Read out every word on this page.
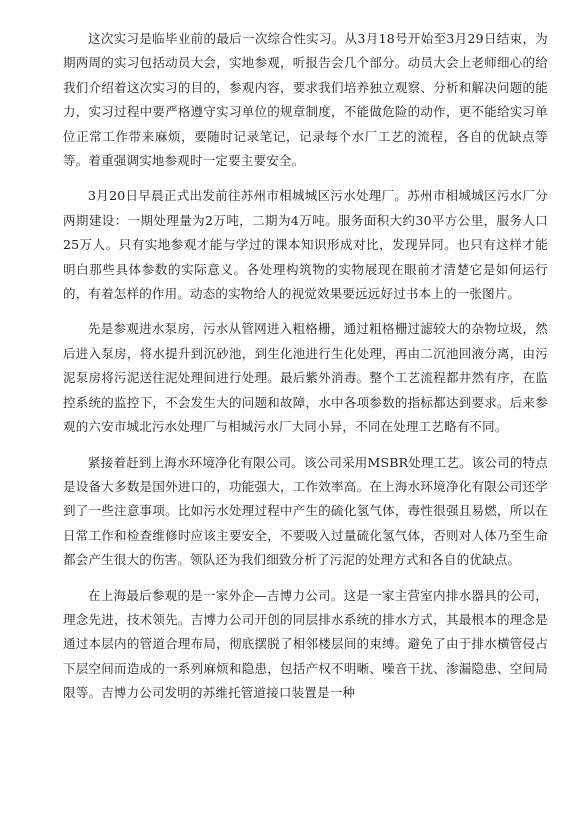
这次实习是临毕业前的最后一次综合性实习。从3月18号开始至3月29日结束，为期两周的实习包括动员大会，实地参观，听报告会几个部分。动员大会上老师细心的给我们介绍着这次实习的目的，参观内容，要求我们培养独立观察、分析和解决问题的能力，实习过程中要严格遵守实习单位的规章制度，不能做危险的动作，更不能给实习单位正常工作带来麻烦，要随时记录笔记，记录每个水厂工艺的流程，各自的优缺点等等。着重强调实地参观时一定要主要安全。

3月20日早晨正式出发前往苏州市相城城区污水处理厂。苏州市相城城区污水厂分两期建设：一期处理量为2万吨，二期为4万吨。服务面积大约30平方公里，服务人口25万人。只有实地参观才能与学过的课本知识形成对比，发现异同。也只有这样才能明白那些具体参数的实际意义。各处理构筑物的实物展现在眼前才清楚它是如何运行的，有着怎样的作用。动态的实物给人的视觉效果要远远好过书本上的一张图片。

先是参观进水泵房，污水从管网进入粗格栅，通过粗格栅过滤较大的杂物垃圾，然后进入泵房，将水提升到沉砂池，到生化池进行生化处理，再由二沉池回液分离，由污泥泵房将污泥送往泥处理间进行处理。最后紫外消毒。整个工艺流程都井然有序，在监控系统的监控下，不会发生大的问题和故障，水中各项参数的指标都达到要求。后来参观的六安市城北污水处理厂与相城污水厂大同小异，不同在处理工艺略有不同。

紧接着赶到上海水环境净化有限公司。该公司采用MSBR处理工艺。该公司的特点是设备大多数是国外进口的，功能强大，工作效率高。在上海水环境净化有限公司还学到了一些注意事项。比如污水处理过程中产生的硫化氢气体，毒性很强且易燃，所以在日常工作和检查维修时应该主要安全，不要吸入过量硫化氢气体，否则对人体乃至生命都会产生很大的伤害。领队还为我们细致分析了污泥的处理方式和各自的优缺点。

在上海最后参观的是一家外企—吉博力公司。这是一家主营室内排水器具的公司，理念先进，技术领先。吉博力公司开创的同层排水系统的排水方式，其最根本的理念是通过本层内的管道合理布局，彻底摆脱了相邻楼层间的束缚。避免了由于排水横管侵占下层空间而造成的一系列麻烦和隐患，包括产权不明晰、噪音干扰、渗漏隐患、空间局限等。吉博力公司发明的苏维托管道接口装置是一种
